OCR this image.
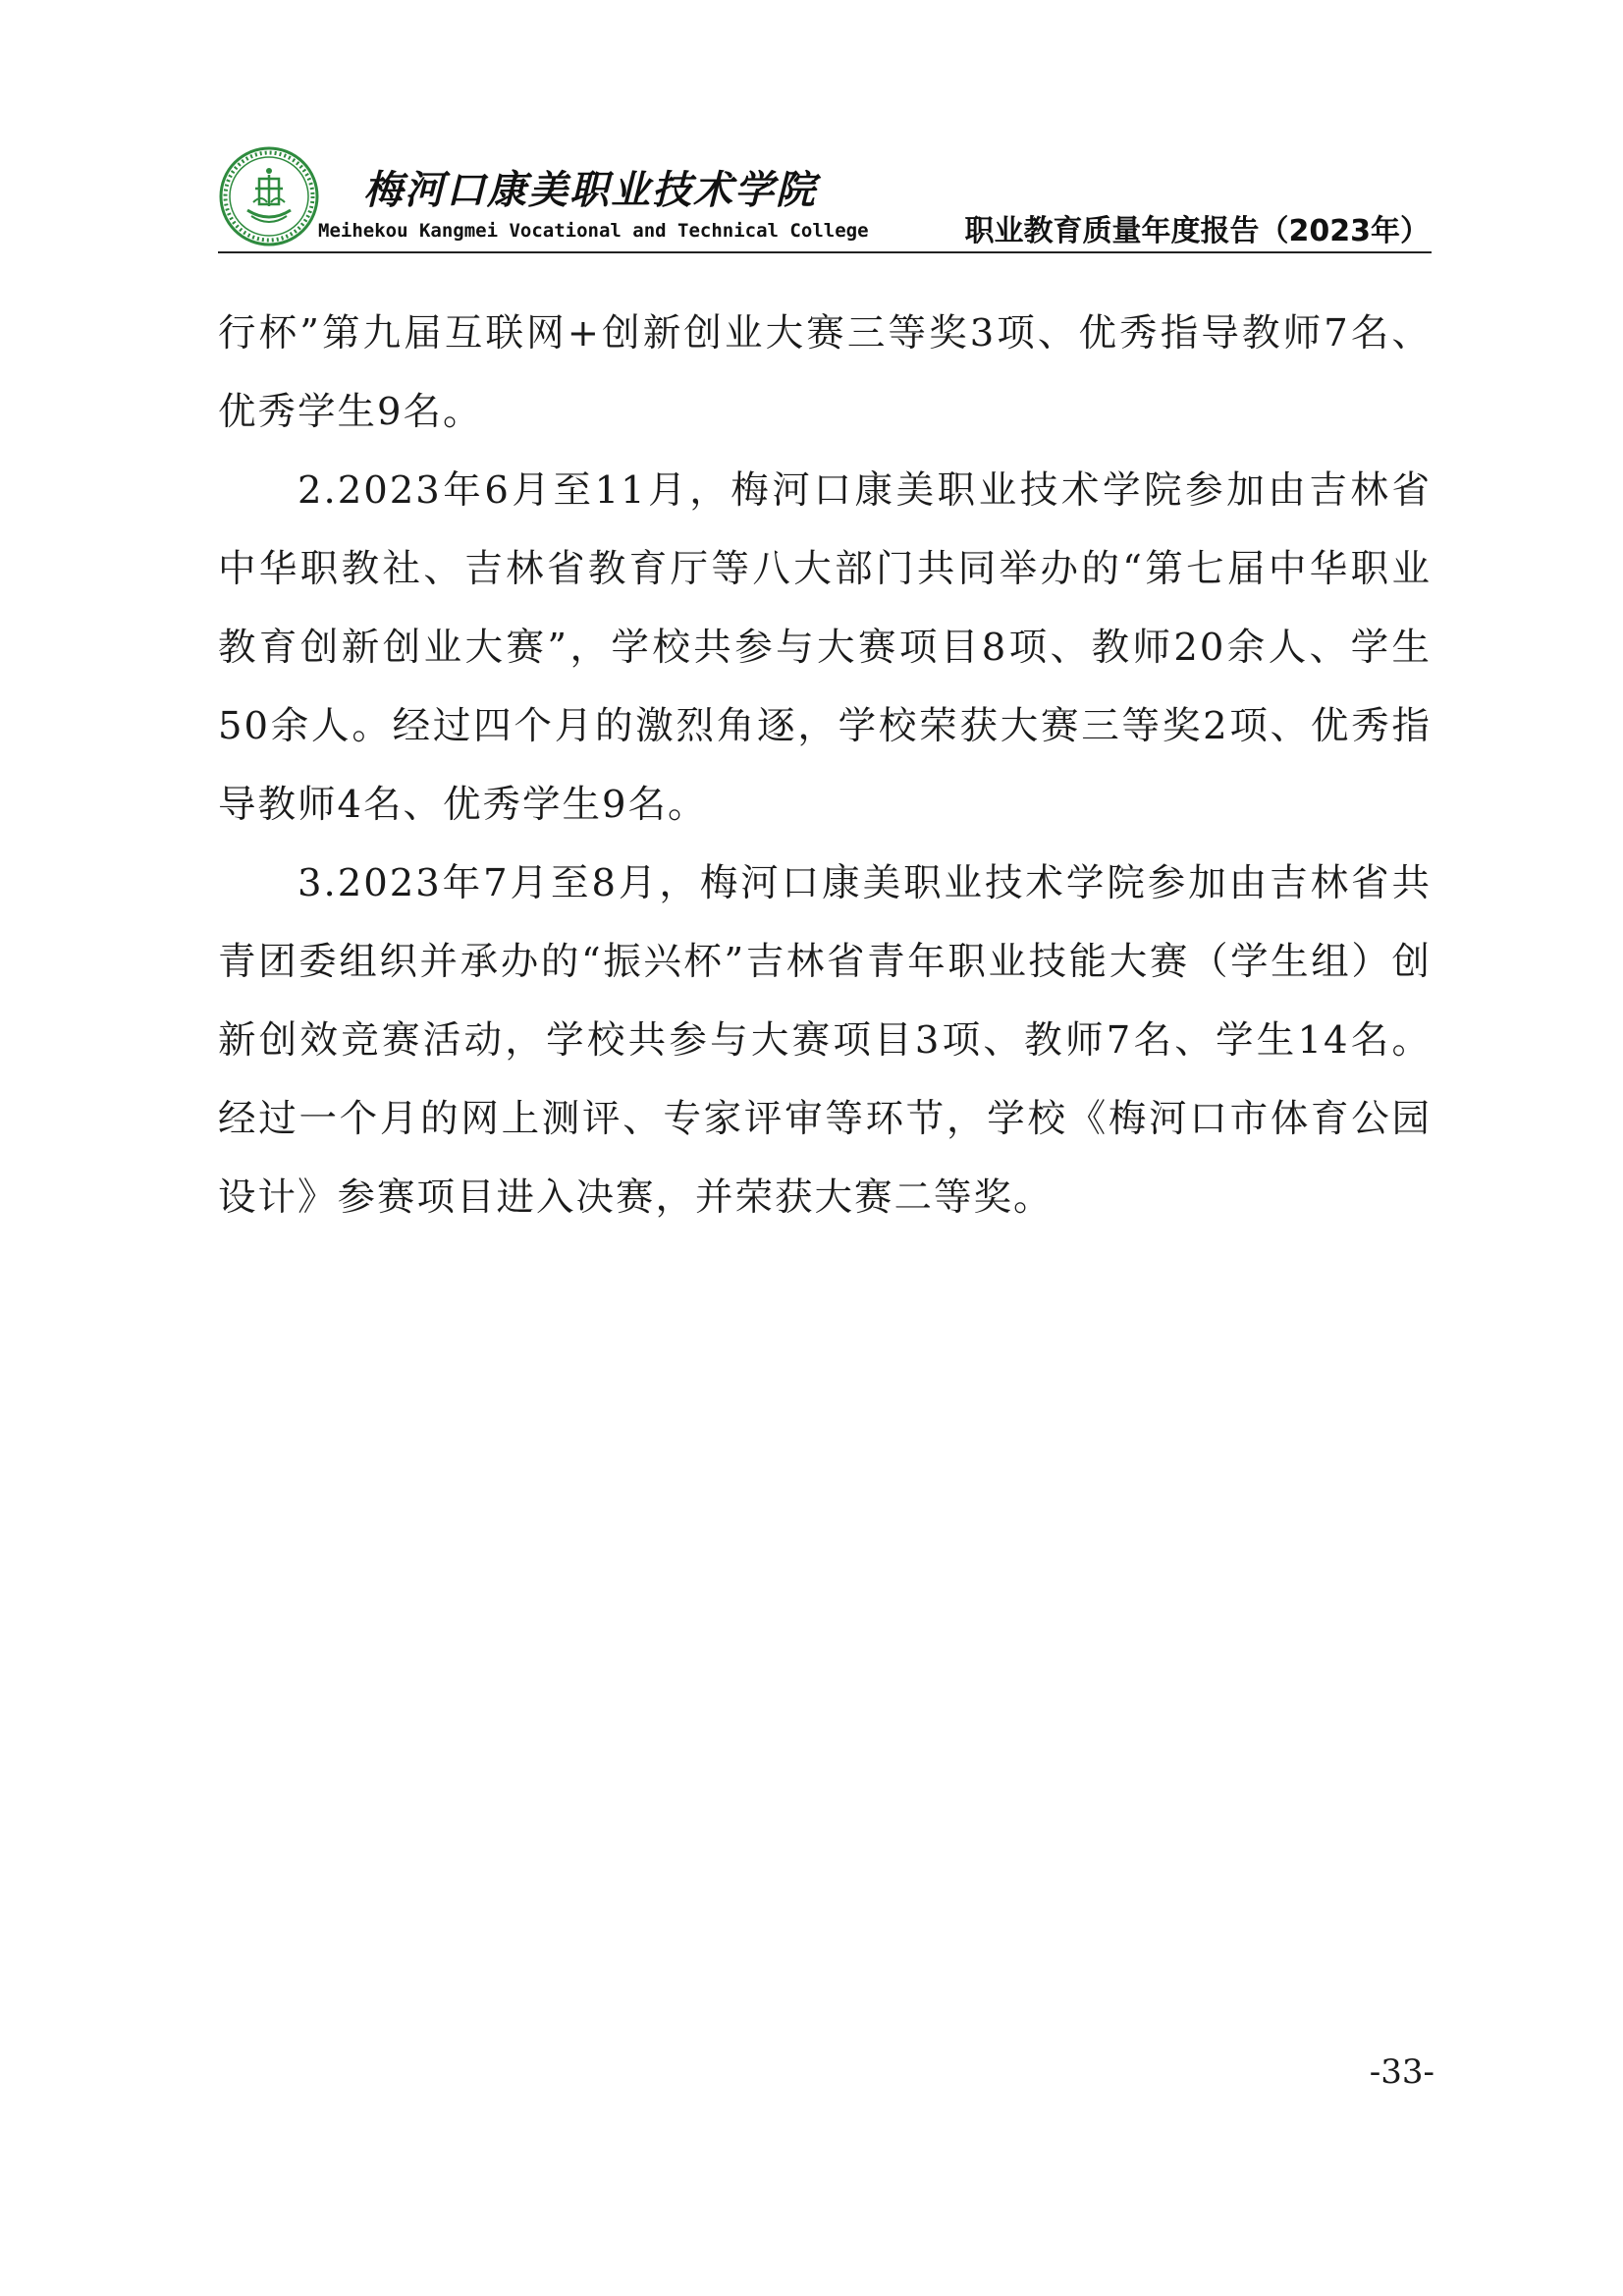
梅河口康美职业技术学院
Meihekou Kangmei Vocational and Technical College	职业教育质量年度报告（2023年）

行杯”第九届互联网+创新创业大赛三等奖3项、优秀指导教师7名、优秀学生9名。

2.2023年6月至11月，梅河口康美职业技术学院参加由吉林省中华职教社、吉林省教育厅等八大部门共同举办的“第七届中华职业教育创新创业大赛”，学校共参与大赛项目8项、教师20余人、学生50余人。经过四个月的激烈角逐，学校荣获大赛三等奖2项、优秀指导教师4名、优秀学生9名。

3.2023年7月至8月，梅河口康美职业技术学院参加由吉林省共青团委组织并承办的“振兴杯”吉林省青年职业技能大赛（学生组）创新创效竞赛活动，学校共参与大赛项目3项、教师7名、学生14名。经过一个月的网上测评、专家评审等环节，学校《梅河口市体育公园设计》参赛项目进入决赛，并荣获大赛二等奖。

-33-
